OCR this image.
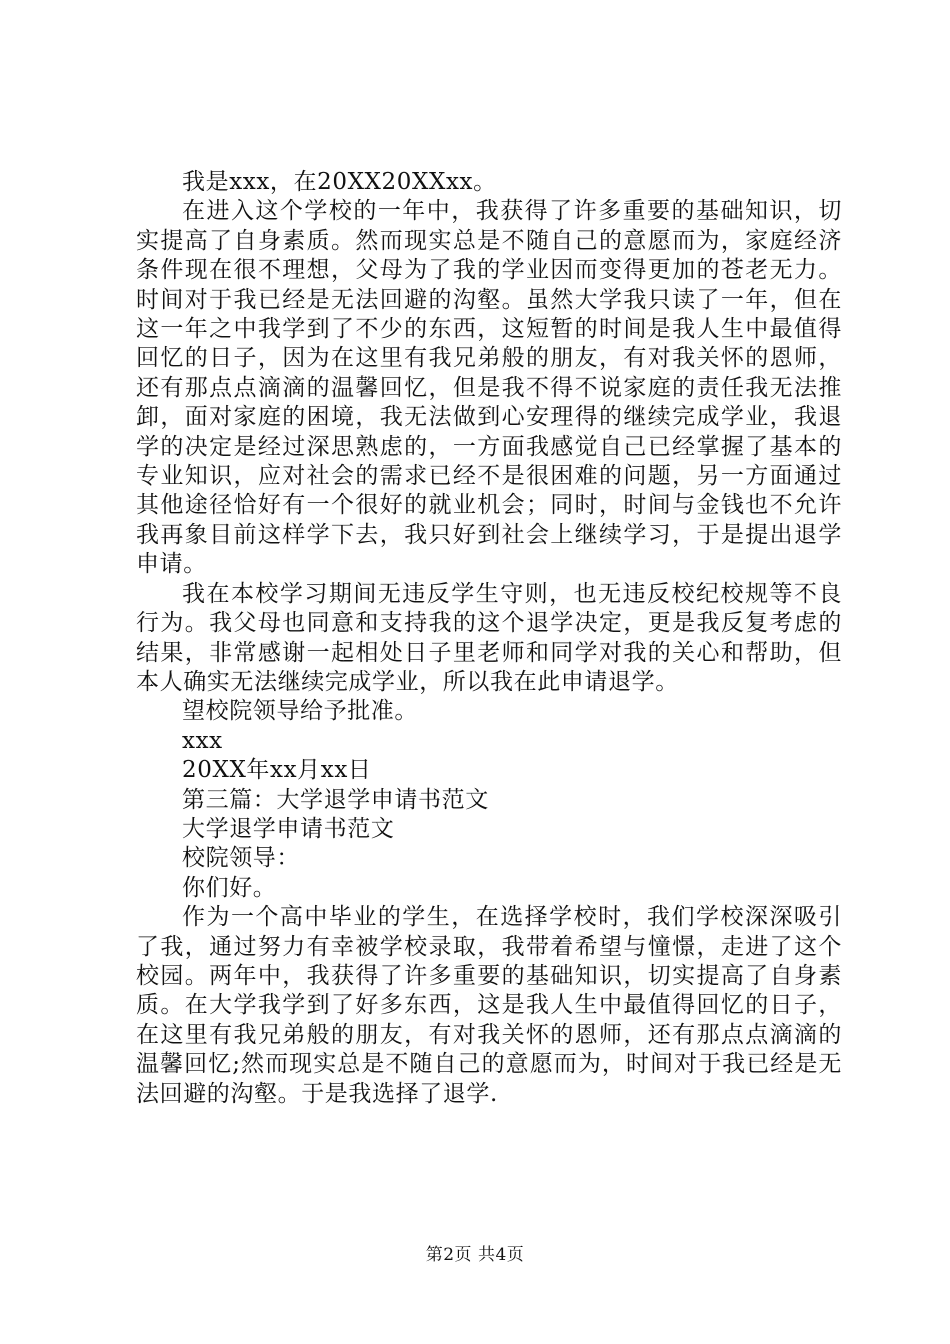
我是xxx，在20XX20XXxx。

在进入这个学校的一年中，我获得了许多重要的基础知识，切实提高了自身素质。然而现实总是不随自己的意愿而为，家庭经济条件现在很不理想，父母为了我的学业因而变得更加的苍老无力。时间对于我已经是无法回避的沟壑。虽然大学我只读了一年，但在这一年之中我学到了不少的东西，这短暂的时间是我人生中最值得回忆的日子，因为在这里有我兄弟般的朋友，有对我关怀的恩师，还有那点点滴滴的温馨回忆，但是我不得不说家庭的责任我无法推卸，面对家庭的困境，我无法做到心安理得的继续完成学业，我退学的决定是经过深思熟虑的，一方面我感觉自己已经掌握了基本的专业知识，应对社会的需求已经不是很困难的问题，另一方面通过其他途径恰好有一个很好的就业机会；同时，时间与金钱也不允许我再象目前这样学下去，我只好到社会上继续学习，于是提出退学申请。

我在本校学习期间无违反学生守则，也无违反校纪校规等不良行为。我父母也同意和支持我的这个退学决定，更是我反复考虑的结果，非常感谢一起相处日子里老师和同学对我的关心和帮助，但本人确实无法继续完成学业，所以我在此申请退学。

望校院领导给予批准。

xxx

20XX年xx月xx日

第三篇：大学退学申请书范文

大学退学申请书范文

校院领导：

你们好。

作为一个高中毕业的学生，在选择学校时，我们学校深深吸引了我，通过努力有幸被学校录取，我带着希望与憧憬，走进了这个校园。两年中，我获得了许多重要的基础知识，切实提高了自身素质。在大学我学到了好多东西，这是我人生中最值得回忆的日子，在这里有我兄弟般的朋友，有对我关怀的恩师，还有那点点滴滴的温馨回忆;然而现实总是不随自己的意愿而为，时间对于我已经是无法回避的沟壑。于是我选择了退学.

第2页 共4页
